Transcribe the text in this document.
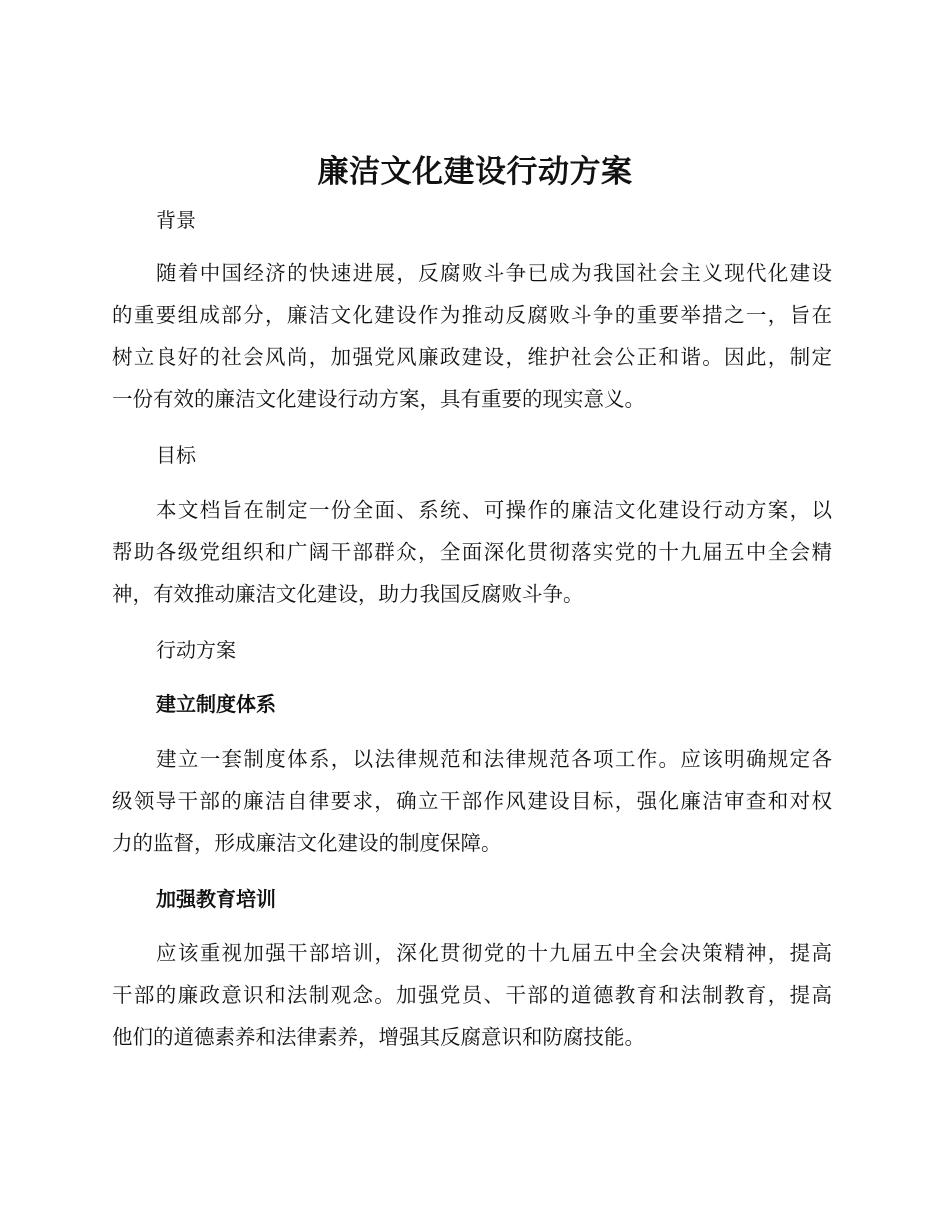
廉洁文化建设行动方案
背景
随着中国经济的快速进展，反腐败斗争已成为我国社会主义现代化建设
的重要组成部分，廉洁文化建设作为推动反腐败斗争的重要举措之一，旨在
树立良好的社会风尚，加强党风廉政建设，维护社会公正和谐。因此，制定
一份有效的廉洁文化建设行动方案，具有重要的现实意义。
目标
本文档旨在制定一份全面、系统、可操作的廉洁文化建设行动方案，以
帮助各级党组织和广阔干部群众，全面深化贯彻落实党的十九届五中全会精
神，有效推动廉洁文化建设，助力我国反腐败斗争。
行动方案
建立制度体系
建立一套制度体系，以法律规范和法律规范各项工作。应该明确规定各
级领导干部的廉洁自律要求，确立干部作风建设目标，强化廉洁审查和对权
力的监督，形成廉洁文化建设的制度保障。
加强教育培训
应该重视加强干部培训，深化贯彻党的十九届五中全会决策精神，提高
干部的廉政意识和法制观念。加强党员、干部的道德教育和法制教育，提高
他们的道德素养和法律素养，增强其反腐意识和防腐技能。
